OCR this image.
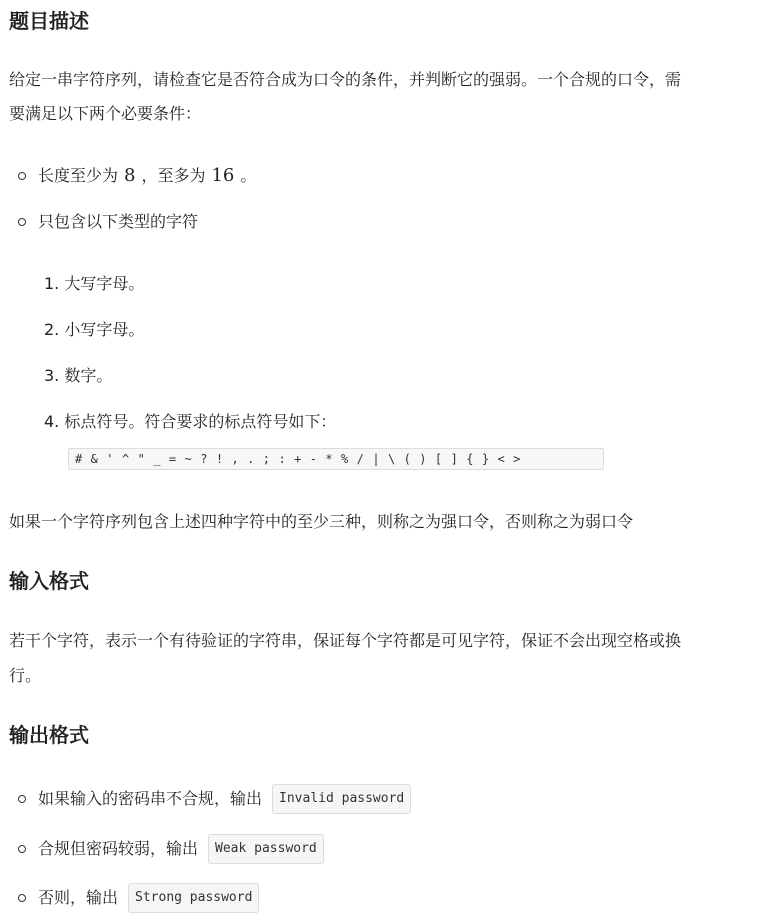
题目描述
给定一串字符序列，请检查它是否符合成为口令的条件，并判断它的强弱。一个合规的口令，需
要满足以下两个必要条件：
长度至少为 8 ，至多为 16 。
只包含以下类型的字符
1. 大写字母。
2. 小写字母。
3. 数字。
4. 标点符号。符合要求的标点符号如下：
# & ' ^ " _ = ~ ? ! , . ; : + - * % / | \ ( ) [ ] { } < >
如果一个字符序列包含上述四种字符中的至少三种，则称之为强口令，否则称之为弱口令
输入格式
若干个字符，表示一个有待验证的字符串，保证每个字符都是可见字符，保证不会出现空格或换
行。
输出格式
如果输入的密码串不合规，输出	Invalid password
合规但密码较弱，输出	Weak password
否则，输出	Strong password
